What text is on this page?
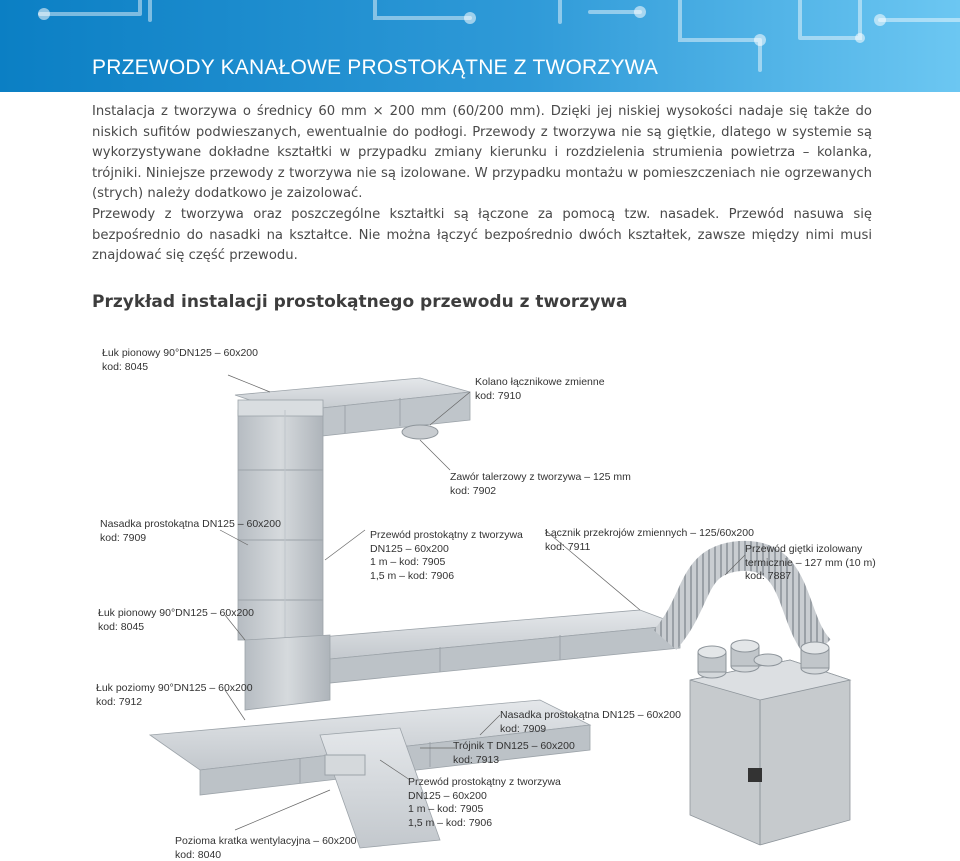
PRZEWODY KANAŁOWE PROSTOKĄTNE Z TWORZYWA

Instalacja z tworzywa o średnicy 60 mm × 200 mm (60/200 mm). Dzięki jej niskiej wysokości nadaje się także do niskich sufitów podwieszanych, ewentualnie do podłogi. Przewody z tworzywa nie są giętkie, dlatego w systemie są wykorzystywane dokładne kształtki w przypadku zmiany kierunku i rozdzielenia strumienia powietrza – kolanka, trójniki. Niniejsze przewody z tworzywa nie są izolowane. W przypadku montażu w pomieszczeniach nie ogrzewanych (strych) należy dodatkowo je zaizolować.

Przewody z tworzywa oraz poszczególne kształtki są łączone za pomocą tzw. nasadek. Przewód nasuwa się bezpośrednio do nasadki na kształtce. Nie można łączyć bezpośrednio dwóch kształtek, zawsze między nimi musi znajdować się część przewodu.

Przykład instalacji prostokątnego przewodu z tworzywa
Łuk pionowy 90°DN125 – 60x200
kod: 8045
Kolano łącznikowe zmienne
kod: 7910
Zawór talerzowy z tworzywa – 125 mm
kod: 7902
Nasadka prostokątna DN125 – 60x200
kod: 7909	Przewód prostokątny z tworzywa
DN125 – 60x200
1 m – kod: 7905
1,5 m – kod: 7906
Łącznik przekrojów zmiennych – 125/60x200
kod: 7911	Przewód giętki izolowany
termicznie – 127 mm (10 m)
kod: 7887
Łuk pionowy 90°DN125 – 60x200
kod: 8045
Łuk poziomy 90°DN125 – 60x200
kod: 7912
Nasadka prostokątna DN125 – 60x200
kod: 7909
Trójnik T DN125 – 60x200
kod: 7913
Przewód prostokątny z tworzywa
DN125 – 60x200
1 m – kod: 7905
1,5 m – kod: 7906
Pozioma kratka wentylacyjna – 60x200
kod: 8040
